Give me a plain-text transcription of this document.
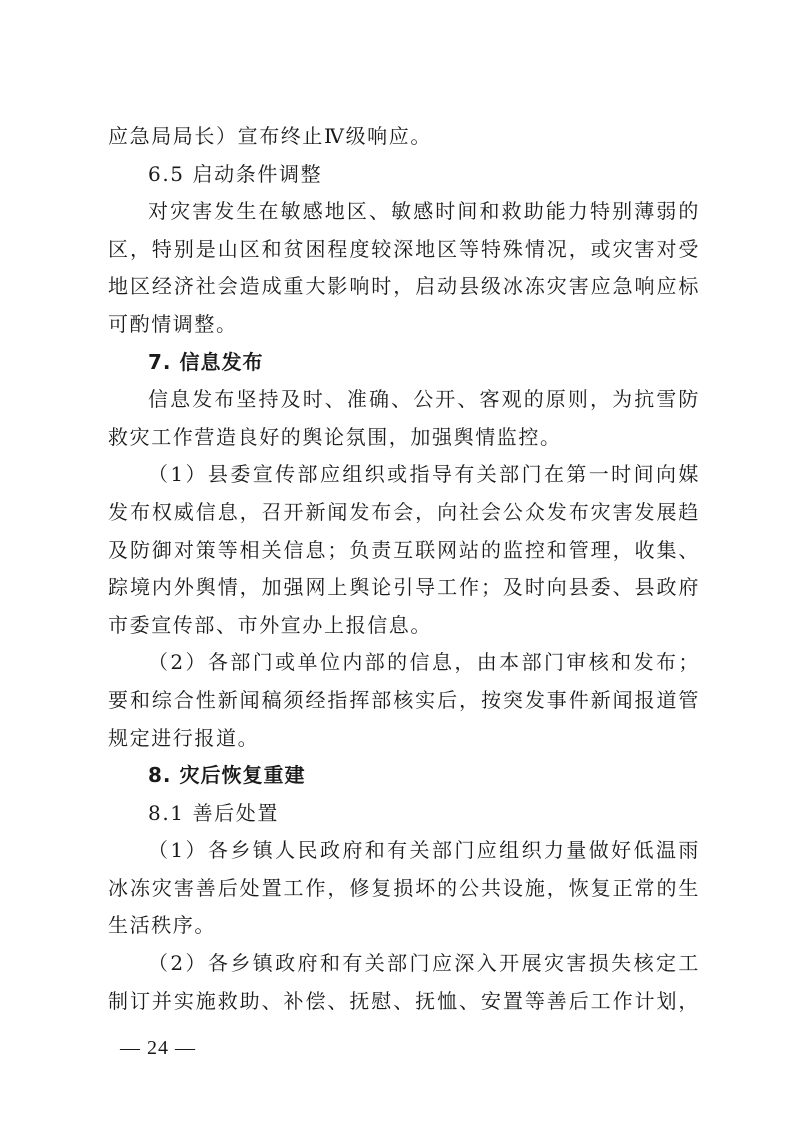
应急局局长）宣布终止Ⅳ级响应。
6.5 启动条件调整
对灾害发生在敏感地区、敏感时间和救助能力特别薄弱的
区，特别是山区和贫困程度较深地区等特殊情况，或灾害对受
地区经济社会造成重大影响时，启动县级冰冻灾害应急响应标
可酌情调整。
7. 信息发布
信息发布坚持及时、准确、公开、客观的原则，为抗雪防
救灾工作营造良好的舆论氛围，加强舆情监控。
（1）县委宣传部应组织或指导有关部门在第一时间向媒
发布权威信息，召开新闻发布会，向社会公众发布灾害发展趋
及防御对策等相关信息；负责互联网站的监控和管理，收集、
踪境内外舆情，加强网上舆论引导工作；及时向县委、县政府
市委宣传部、市外宣办上报信息。
（2）各部门或单位内部的信息，由本部门审核和发布；
要和综合性新闻稿须经指挥部核实后，按突发事件新闻报道管
规定进行报道。
8. 灾后恢复重建
8.1 善后处置
（1）各乡镇人民政府和有关部门应组织力量做好低温雨
冰冻灾害善后处置工作，修复损坏的公共设施，恢复正常的生
生活秩序。
（2）各乡镇政府和有关部门应深入开展灾害损失核定工
制订并实施救助、补偿、抚慰、抚恤、安置等善后工作计划，
— 24 —
